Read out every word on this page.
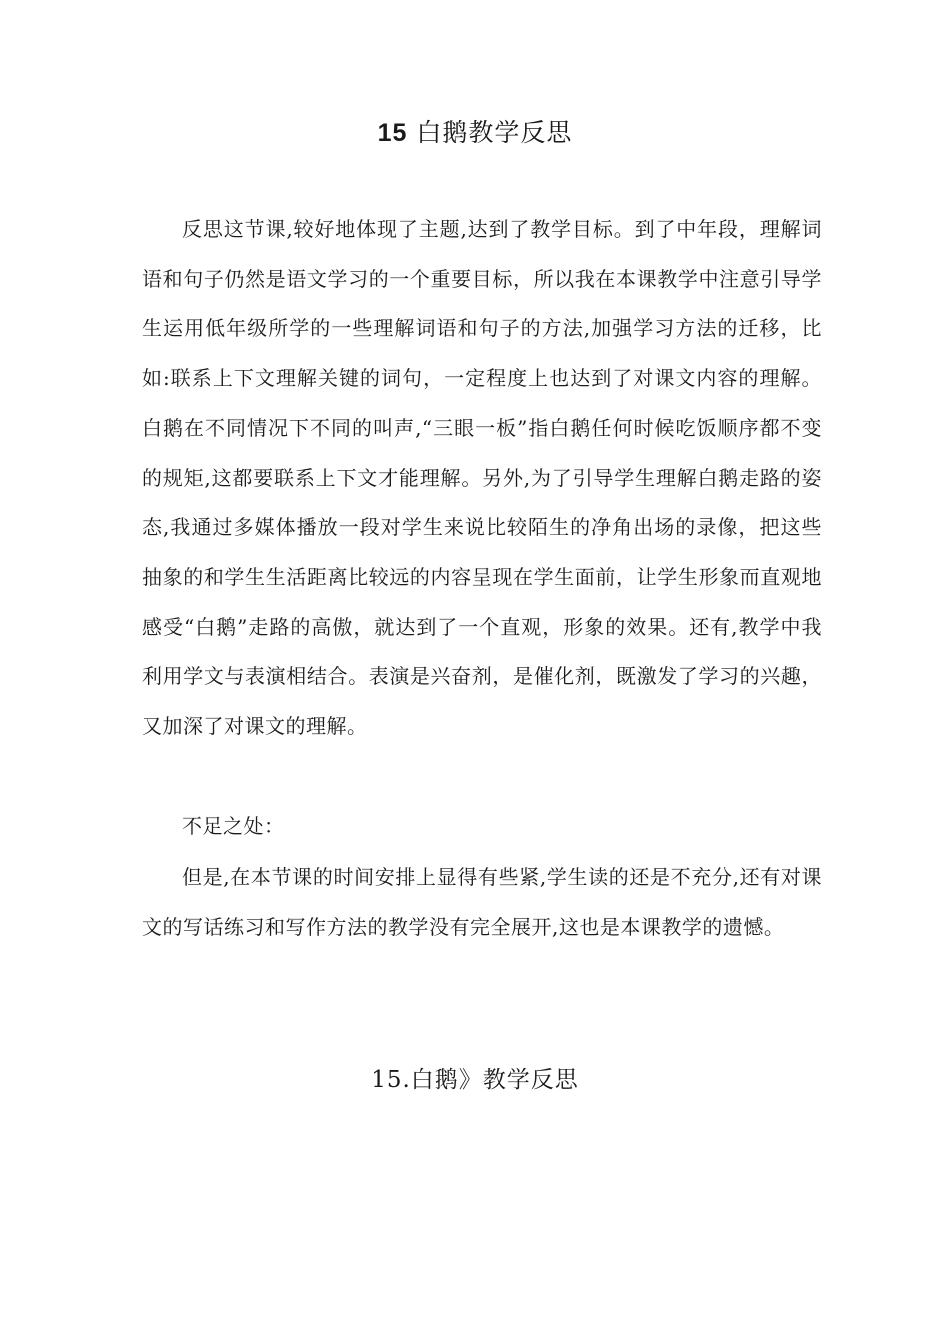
15 白鹅教学反思

反思这节课,较好地体现了主题,达到了教学目标。到了中年段，理解词语和句子仍然是语文学习的一个重要目标，所以我在本课教学中注意引导学生运用低年级所学的一些理解词语和句子的方法,加强学习方法的迁移，比如:联系上下文理解关键的词句，一定程度上也达到了对课文内容的理解。白鹅在不同情况下不同的叫声,“三眼一板”指白鹅任何时候吃饭顺序都不变的规矩,这都要联系上下文才能理解。另外,为了引导学生理解白鹅走路的姿态,我通过多媒体播放一段对学生来说比较陌生的净角出场的录像，把这些抽象的和学生生活距离比较远的内容呈现在学生面前，让学生形象而直观地感受“白鹅”走路的高傲，就达到了一个直观，形象的效果。还有,教学中我利用学文与表演相结合。表演是兴奋剂，是催化剂，既激发了学习的兴趣，又加深了对课文的理解。

不足之处：

但是,在本节课的时间安排上显得有些紧,学生读的还是不充分,还有对课文的写话练习和写作方法的教学没有完全展开,这也是本课教学的遗憾。

15.白鹅》教学反思
